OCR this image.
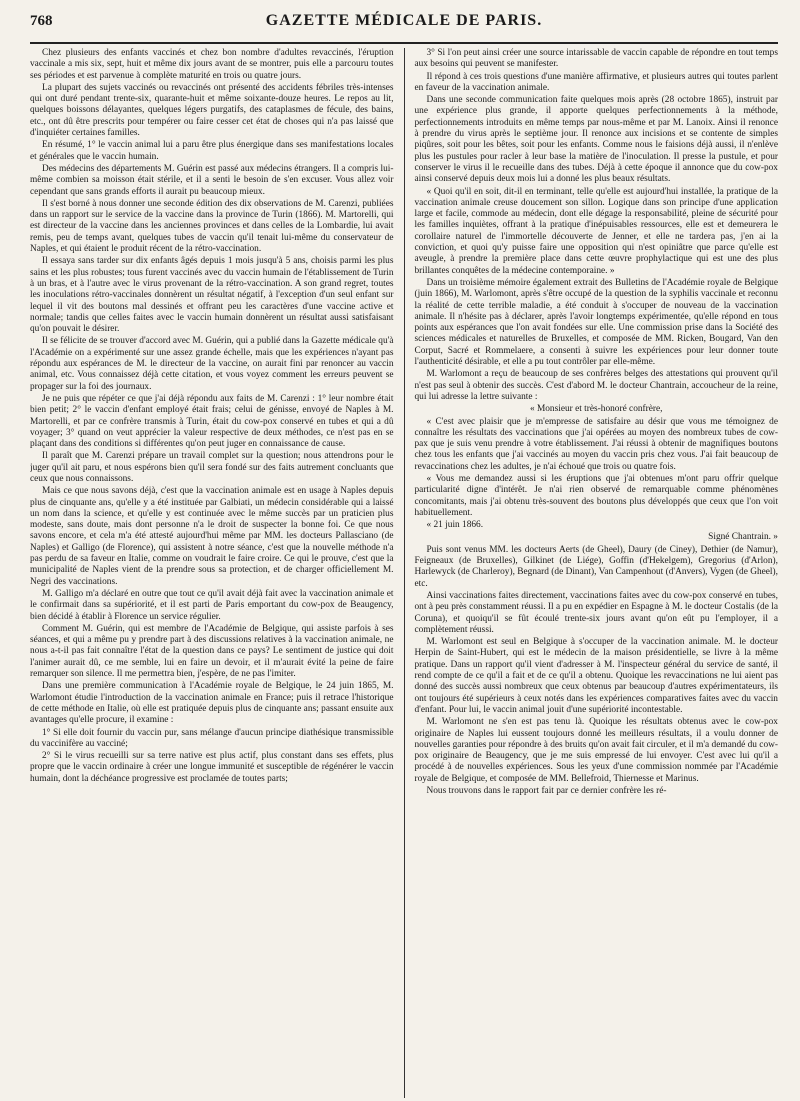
768	GAZETTE MÉDICALE DE PARIS.

Chez plusieurs des enfants vaccinés et chez bon nombre d'adultes revaccinés, l'éruption vaccinale a mis six, sept, huit et même dix jours avant de se montrer, puis elle a parcouru toutes ses périodes et est parvenue à complète maturité en trois ou quatre jours.

La plupart des sujets vaccinés ou revaccinés ont présenté des accidents fébriles très-intenses qui ont duré pendant trente-six, quarante-huit et même soixante-douze heures. Le repos au lit, quelques boissons délayantes, quelques légers purgatifs, des cataplasmes de fécule, des bains, etc., ont dû être prescrits pour tempérer ou faire cesser cet état de choses qui n'a pas laissé que d'inquiéter certaines familles.

En résumé, 1° le vaccin animal lui a paru être plus énergique dans ses manifestations locales et générales que le vaccin humain.

Des médecins des départements M. Guérin est passé aux médecins étrangers. Il a compris lui-même combien sa moisson était stérile, et il a senti le besoin de s'en excuser. Vous allez voir cependant que sans grands efforts il aurait pu beaucoup mieux.

Il s'est borné à nous donner une seconde édition des dix observations de M. Carenzi, publiées dans un rapport sur le service de la vaccine dans la province de Turin (1866). M. Martorelli, qui est directeur de la vaccine dans les anciennes provinces et dans celles de la Lombardie, lui avait remis, peu de temps avant, quelques tubes de vaccin qu'il tenait lui-même du conservateur de Naples, et qui étaient le produit récent de la rétro-vaccination.

Il essaya sans tarder sur dix enfants âgés depuis 1 mois jusqu'à 5 ans, choisis parmi les plus sains et les plus robustes; tous furent vaccinés avec du vaccin humain de l'établissement de Turin à un bras, et à l'autre avec le virus provenant de la rétro-vaccination. A son grand regret, toutes les inoculations rétro-vaccinales donnèrent un résultat négatif, à l'exception d'un seul enfant sur lequel il vit des boutons mal dessinés et offrant peu les caractères d'une vaccine active et normale; tandis que celles faites avec le vaccin humain donnèrent un résultat aussi satisfaisant qu'on pouvait le désirer.

Il se félicite de se trouver d'accord avec M. Guérin, qui a publié dans la Gazette médicale qu'à l'Académie on a expérimenté sur une assez grande échelle, mais que les expériences n'ayant pas répondu aux espérances de M. le directeur de la vaccine, on aurait fini par renoncer au vaccin animal, etc. Vous connaissez déjà cette citation, et vous voyez comment les erreurs peuvent se propager sur la foi des journaux.

Je ne puis que répéter ce que j'ai déjà répondu aux faits de M. Carenzi : 1° leur nombre était bien petit; 2° le vaccin d'enfant employé était frais; celui de génisse, envoyé de Naples à M. Martorelli, et par ce confrère transmis à Turin, était du cow-pox conservé en tubes et qui a dû voyager; 3° quand on veut apprécier la valeur respective de deux méthodes, ce n'est pas en se plaçant dans des conditions si différentes qu'on peut juger en connaissance de cause.

Il paraît que M. Carenzi prépare un travail complet sur la question; nous attendrons pour le juger qu'il ait paru, et nous espérons bien qu'il sera fondé sur des faits autrement concluants que ceux que nous connaissons.

Mais ce que nous savons déjà, c'est que la vaccination animale est en usage à Naples depuis plus de cinquante ans, qu'elle y a été instituée par Galbiati, un médecin considérable qui a laissé un nom dans la science, et qu'elle y est continuée avec le même succès par un praticien plus modeste, sans doute, mais dont personne n'a le droit de suspecter la bonne foi. Ce que nous savons encore, et cela m'a été attesté aujourd'hui même par MM. les docteurs Pallasciano (de Naples) et Galligo (de Florence), qui assistent à notre séance, c'est que la nouvelle méthode n'a pas perdu de sa faveur en Italie, comme on voudrait le faire croire. Ce qui le prouve, c'est que la municipalité de Naples vient de la prendre sous sa protection, et de charger officiellement M. Negri des vaccinations.

M. Galligo m'a déclaré en outre que tout ce qu'il avait déjà fait avec la vaccination animale et le confirmait dans sa supériorité, et il est parti de Paris emportant du cow-pox de Beaugency, bien décidé à établir à Florence un service régulier.

Comment M. Guérin, qui est membre de l'Académie de Belgique, qui assiste parfois à ses séances, et qui a même pu y prendre part à des discussions relatives à la vaccination animale, ne nous a-t-il pas fait connaître l'état de la question dans ce pays? Le sentiment de justice qui doit l'animer aurait dû, ce me semble, lui en faire un devoir, et il m'aurait évité la peine de faire remarquer son silence. Il me permettra bien, j'espère, de ne pas l'imiter.

Dans une première communication à l'Académie royale de Belgique, le 24 juin 1865, M. Warlomont étudie l'introduction de la vaccination animale en France; puis il retrace l'historique de cette méthode en Italie, où elle est pratiquée depuis plus de cinquante ans; passant ensuite aux avantages qu'elle procure, il examine :

1° Si elle doit fournir du vaccin pur, sans mélange d'aucun principe diathésique transmissible du vaccinifère au vacciné;

2° Si le virus recueilli sur sa terre native est plus actif, plus constant dans ses effets, plus propre que le vaccin ordinaire à créer une longue immunité et susceptible de régénérer le vaccin humain, dont la déchéance progressive est proclamée de toutes parts;

3° Si l'on peut ainsi créer une source intarissable de vaccin capable de répondre en tout temps aux besoins qui peuvent se manifester.

Il répond à ces trois questions d'une manière affirmative, et plusieurs autres qui toutes parlent en faveur de la vaccination animale.

Dans une seconde communication faite quelques mois après (28 octobre 1865), instruit par une expérience plus grande, il apporte quelques perfectionnements à la méthode, perfectionnements introduits en même temps par nous-même et par M. Lanoix. Ainsi il renonce à prendre du virus après le septième jour. Il renonce aux incisions et se contente de simples piqûres, soit pour les bêtes, soit pour les enfants. Comme nous le faisions déjà aussi, il n'enlève plus les pustules pour racler à leur base la matière de l'inoculation. Il presse la pustule, et pour conserver le virus il le recueille dans des tubes. Déjà à cette époque il annonce que du cow-pox ainsi conservé depuis deux mois lui a donné les plus beaux résultats.

« Quoi qu'il en soit, dit-il en terminant, telle qu'elle est aujourd'hui installée, la pratique de la vaccination animale creuse doucement son sillon. Logique dans son principe d'une application large et facile, commode au médecin, dont elle dégage la responsabilité, pleine de sécurité pour les familles inquiètes, offrant à la pratique d'inépuisables ressources, elle est et demeurera le corollaire naturel de l'immortelle découverte de Jenner, et elle ne tardera pas, j'en ai la conviction, et quoi qu'y puisse faire une opposition qui n'est opiniâtre que parce qu'elle est aveugle, à prendre la première place dans cette œuvre prophylactique qui est une des plus brillantes conquêtes de la médecine contemporaine. »

Dans un troisième mémoire également extrait des Bulletins de l'Académie royale de Belgique (juin 1866), M. Warlomont, après s'être occupé de la question de la syphilis vaccinale et reconnu la réalité de cette terrible maladie, a été conduit à s'occuper de nouveau de la vaccination animale. Il n'hésite pas à déclarer, après l'avoir longtemps expérimentée, qu'elle répond en tous points aux espérances que l'on avait fondées sur elle. Une commission prise dans la Société des sciences médicales et naturelles de Bruxelles, et composée de MM. Ricken, Bougard, Van den Corput, Sacré et Rommelaere, a consenti à suivre les expériences pour leur donner toute l'authenticité désirable, et elle a pu tout contrôler par elle-même.

M. Warlomont a reçu de beaucoup de ses confrères belges des attestations qui prouvent qu'il n'est pas seul à obtenir des succès. C'est d'abord M. le docteur Chantrain, accoucheur de la reine, qui lui adresse la lettre suivante :

« Monsieur et très-honoré confrère,

« C'est avec plaisir que je m'empresse de satisfaire au désir que vous me témoignez de connaître les résultats des vaccinations que j'ai opérées au moyen des nombreux tubes de cow-pax que je suis venu prendre à votre établissement. J'ai réussi à obtenir de magnifiques boutons chez tous les enfants que j'ai vaccinés au moyen du vaccin pris chez vous. J'ai fait beaucoup de revaccinations chez les adultes, je n'ai échoué que trois ou quatre fois.

« Vous me demandez aussi si les éruptions que j'ai obtenues m'ont paru offrir quelque particularité digne d'intérêt. Je n'ai rien observé de remarquable comme phénomènes concomitants, mais j'ai obtenu très-souvent des boutons plus développés que ceux que l'on voit habituellement.

« 21 juin 1866.

Signé Chantrain. »

Puis sont venus MM. les docteurs Aerts (de Gheel), Daury (de Ciney), Dethier (de Namur), Feigneaux (de Bruxelles), Gilkinet (de Liége), Goffin (d'Hekelgem), Gregorius (d'Arlon), Harlewyck (de Charleroy), Begnard (de Dinant), Van Campenhout (d'Anvers), Vygen (de Gheel), etc.

Ainsi vaccinations faites directement, vaccinations faites avec du cow-pox conservé en tubes, ont à peu près constamment réussi. Il a pu en expédier en Espagne à M. le docteur Costalis (de la Coruna), et quoiqu'il se fût écoulé trente-six jours avant qu'on eût pu l'employer, il a complètement réussi.

M. Warlomont est seul en Belgique à s'occuper de la vaccination animale. M. le docteur Herpin de Saint-Hubert, qui est le médecin de la maison présidentielle, se livre à la même pratique. Dans un rapport qu'il vient d'adresser à M. l'inspecteur général du service de santé, il rend compte de ce qu'il a fait et de ce qu'il a obtenu. Quoique les revaccinations ne lui aient pas donné des succès aussi nombreux que ceux obtenus par beaucoup d'autres expérimentateurs, ils ont toujours été supérieurs à ceux notés dans les expériences comparatives faites avec du vaccin d'enfant. Pour lui, le vaccin animal jouit d'une supériorité incontestable.

M. Warlomont ne s'en est pas tenu là. Quoique les résultats obtenus avec le cow-pox originaire de Naples lui eussent toujours donné les meilleurs résultats, il a voulu donner de nouvelles garanties pour répondre à des bruits qu'on avait fait circuler, et il m'a demandé du cow-pox originaire de Beaugency, que je me suis empressé de lui envoyer. C'est avec lui qu'il a procédé à de nouvelles expériences. Sous les yeux d'une commission nommée par l'Académie royale de Belgique, et composée de MM. Bellefroid, Thiernesse et Marinus.

Nous trouvons dans le rapport fait par ce dernier confrère les ré-
